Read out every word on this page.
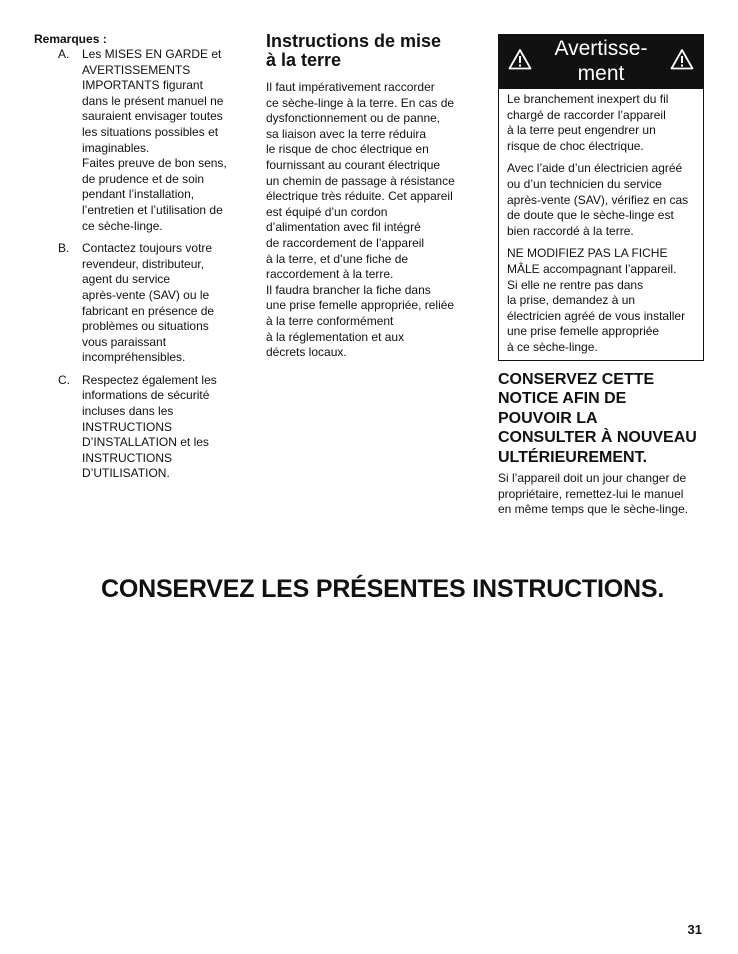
Remarques :
A.	Les MISES EN GARDE et
AVERTISSEMENTS
IMPORTANTS figurant
dans le présent manuel ne
sauraient envisager toutes
les situations possibles et
imaginables.
Faites preuve de bon sens,
de prudence et de soin
pendant l’installation,
l’entretien et l’utilisation de
ce sèche-linge.
B.	Contactez toujours votre
revendeur, distributeur,
agent du service
après-vente (SAV) ou le
fabricant en présence de
problèmes ou situations
vous paraissant
incompréhensibles.
C.	Respectez également les
informations de sécurité
incluses dans les
INSTRUCTIONS
D’INSTALLATION et les
INSTRUCTIONS
D’UTILISATION.
Instructions de mise
à la terre
Il faut impérativement raccorder
ce sèche-linge à la terre. En cas de
dysfonctionnement ou de panne,
sa liaison avec la terre réduira
le risque de choc électrique en
fournissant au courant électrique
un chemin de passage à résistance
électrique très réduite. Cet appareil
est équipé d’un cordon
d’alimentation avec fil intégré
de raccordement de l’appareil
à la terre, et d’une fiche de
raccordement à la terre.
Il faudra brancher la fiche dans
une prise femelle appropriée, reliée
à la terre conformément
à la réglementation et aux
décrets locaux.
Avertisse-
ment
Le branchement inexpert du fil
chargé de raccorder l’appareil
à la terre peut engendrer un
risque de choc électrique.
Avec l’aide d’un électricien agréé
ou d’un technicien du service
après-vente (SAV), vérifiez en cas
de doute que le sèche-linge est
bien raccordé à la terre.
NE MODIFIEZ PAS LA FICHE
MÂLE accompagnant l’appareil.
Si elle ne rentre pas dans
la prise, demandez à un
électricien agréé de vous installer
une prise femelle appropriée
à ce sèche-linge.
CONSERVEZ CETTE
NOTICE AFIN DE
POUVOIR LA
CONSULTER À NOUVEAU
ULTÉRIEUREMENT.
Si l’appareil doit un jour changer de
propriétaire, remettez-lui le manuel
en même temps que le sèche-linge.
CONSERVEZ LES PRÉSENTES INSTRUCTIONS.
31
